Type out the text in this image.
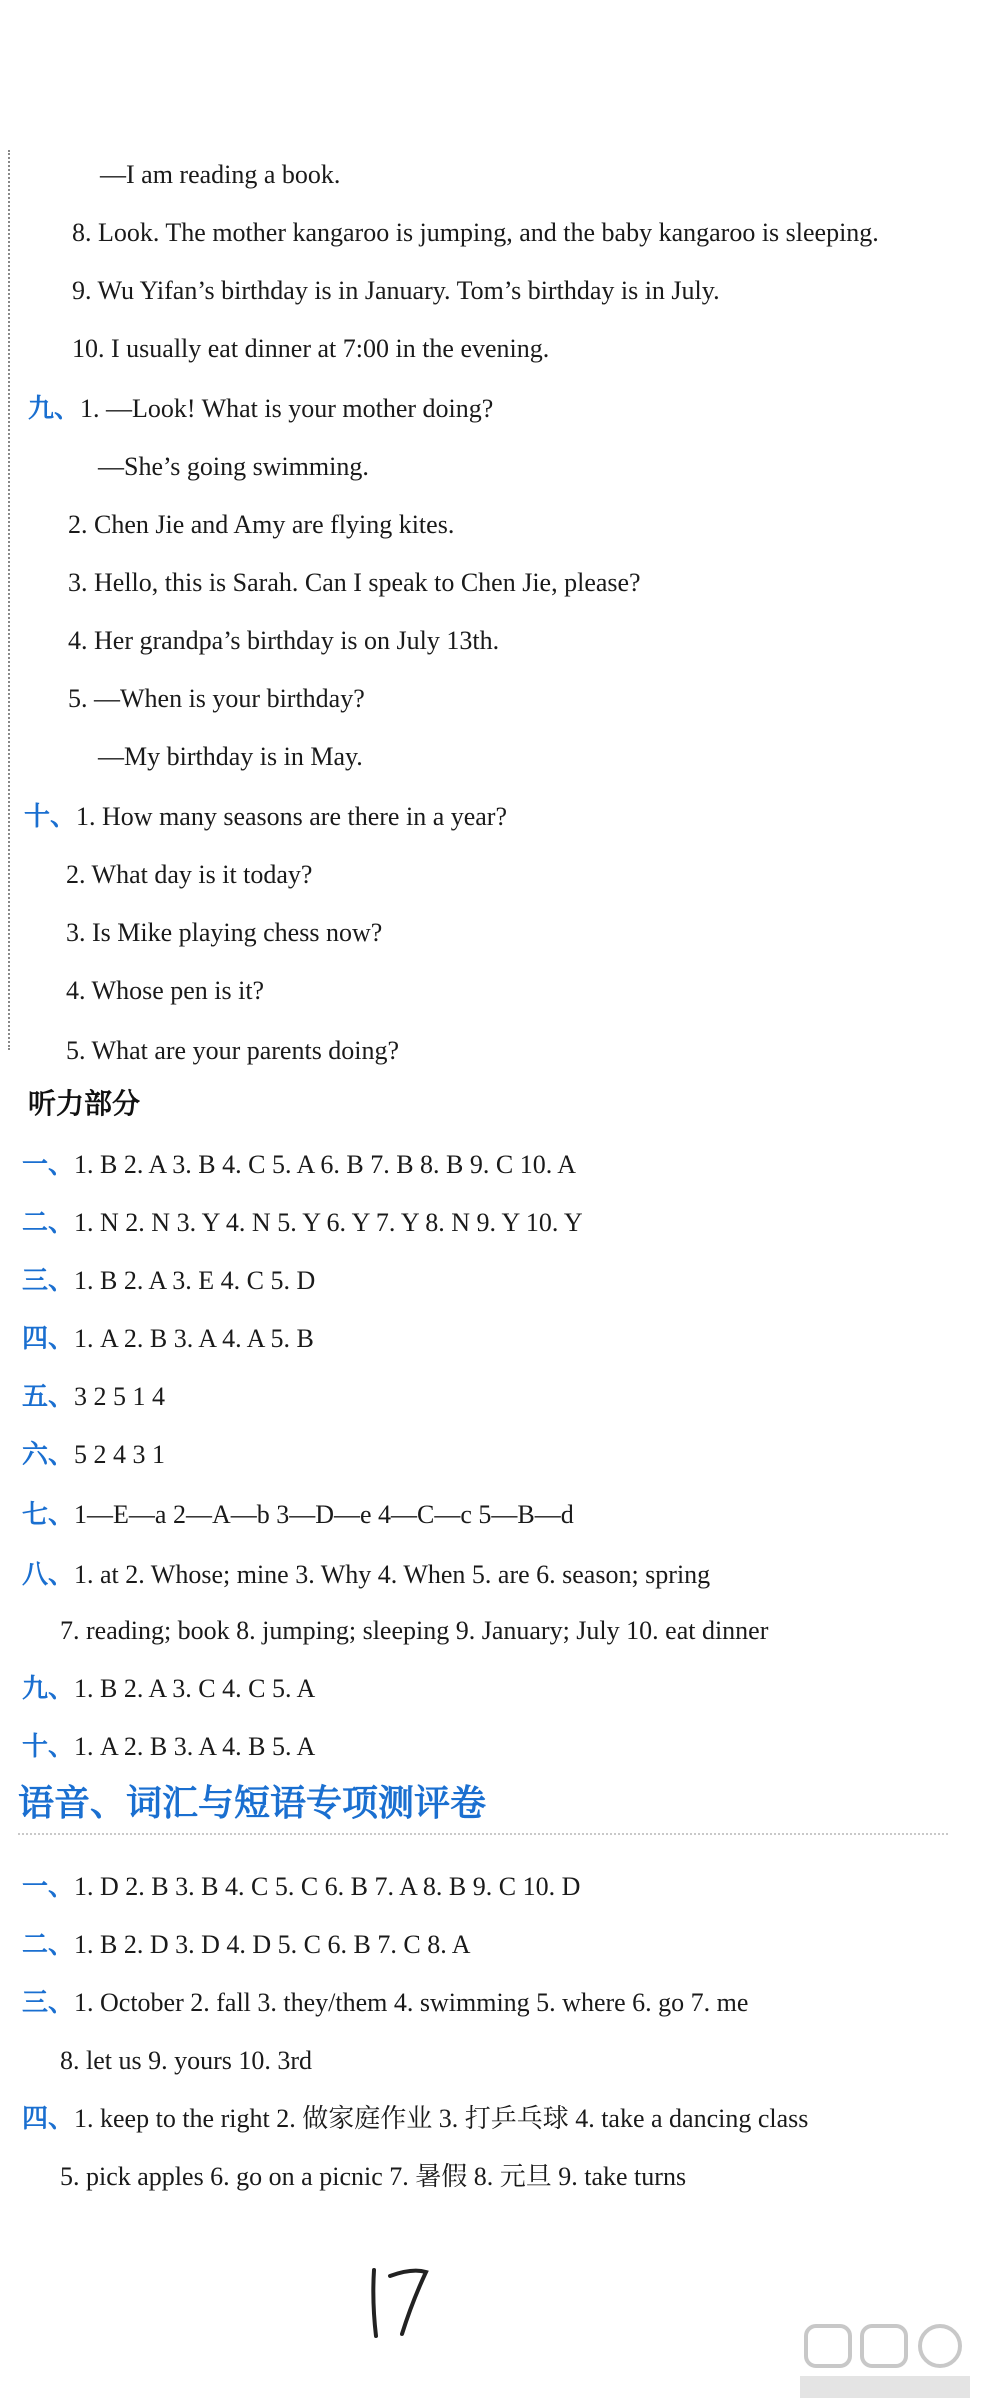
—I am reading a book.
8. Look. The mother kangaroo is jumping, and the baby kangaroo is sleeping.
9. Wu Yifan’s birthday is in January. Tom’s birthday is in July.
10. I usually eat dinner at 7:00 in the evening.
九、1. —Look! What is your mother doing?
—She’s going swimming.
2. Chen Jie and Amy are flying kites.
3. Hello, this is Sarah. Can I speak to Chen Jie, please?
4. Her grandpa’s birthday is on July 13th.
5. —When is your birthday?
—My birthday is in May.
十、1. How many seasons are there in a year?
2. What day is it today?
3. Is Mike playing chess now?
4. Whose pen is it?
5. What are your parents doing?
听力部分
一、1. B 2. A 3. B 4. C 5. A 6. B 7. B 8. B 9. C 10. A
二、1. N 2. N 3. Y 4. N 5. Y 6. Y 7. Y 8. N 9. Y 10. Y
三、1. B 2. A 3. E 4. C 5. D
四、1. A 2. B 3. A 4. A 5. B
五、3 2 5 1 4
六、5 2 4 3 1
七、1—E—a 2—A—b 3—D—e 4—C—c 5—B—d
八、1. at 2. Whose; mine 3. Why 4. When 5. are 6. season; spring
7. reading; book 8. jumping; sleeping 9. January; July 10. eat dinner
九、1. B 2. A 3. C 4. C 5. A
十、1. A 2. B 3. A 4. B 5. A
语音、词汇与短语专项测评卷
一、1. D 2. B 3. B 4. C 5. C 6. B 7. A 8. B 9. C 10. D
二、1. B 2. D 3. D 4. D 5. C 6. B 7. C 8. A
三、1. October 2. fall 3. they/them 4. swimming 5. where 6. go 7. me
8. let us 9. yours 10. 3rd
四、1. keep to the right 2. 做家庭作业 3. 打乒乓球 4. take a dancing class
5. pick apples 6. go on a picnic 7. 暑假 8. 元旦 9. take turns
